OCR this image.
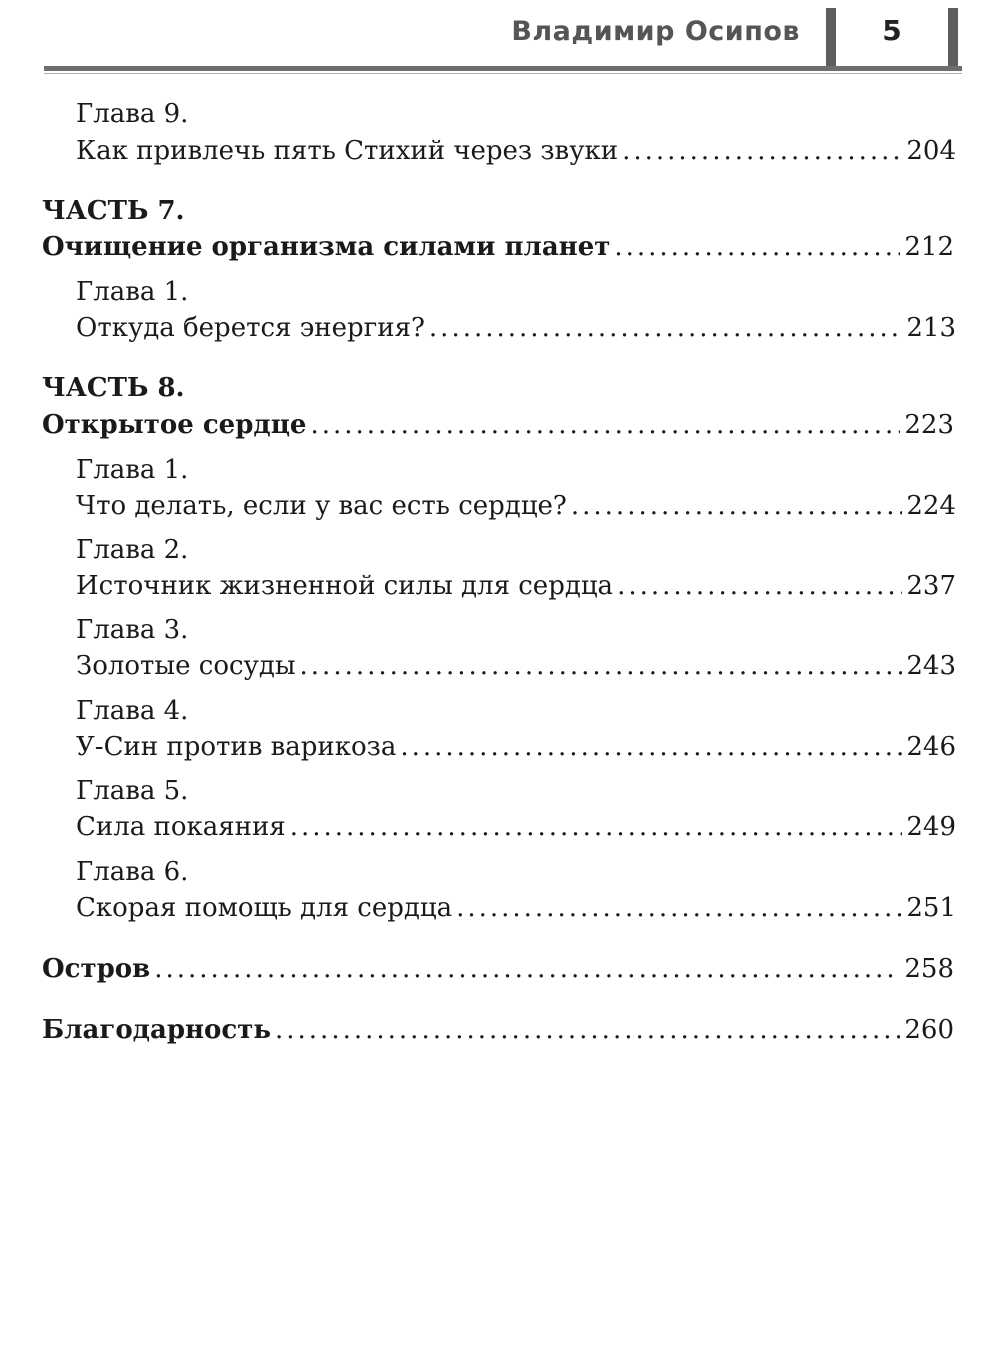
Владимир Осипов	5
Глава 9.
Как привлечь пять Стихий через звуки .....	204
ЧАСТЬ 7.
Очищение организма силами планет .....	212
Глава 1.
Откуда берется энергия? .....	213
ЧАСТЬ 8.
Открытое сердце .....	223
Глава 1.
Что делать, если у вас есть сердце? .....	224
Глава 2.
Источник жизненной силы для сердца .....	237
Глава 3.
Золотые сосуды .....	243
Глава 4.
У-Син против варикоза .....	246
Глава 5.
Сила покаяния .....	249
Глава 6.
Скорая помощь для сердца .....	251
Остров .....	258
Благодарность .....	260
